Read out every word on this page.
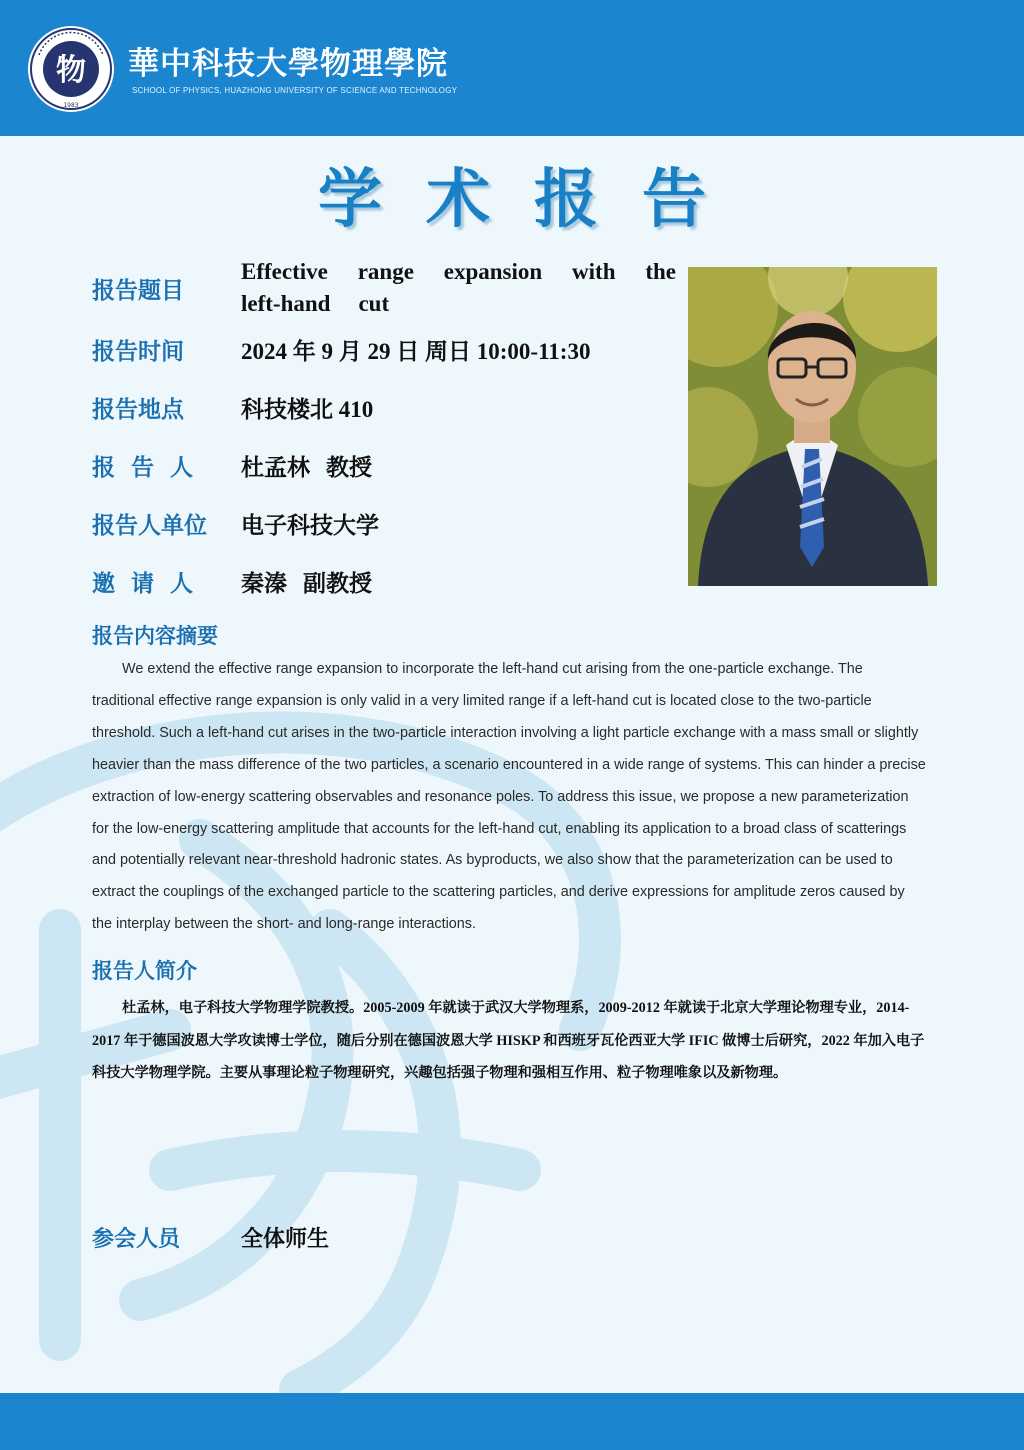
物
1983
華中科技大學物理學院
SCHOOL OF PHYSICS, HUAZHONG UNIVERSITY OF SCIENCE AND TECHNOLOGY
学术报告
报告题目
Effective range expansion with the
left-hand cut
报告时间	2024 年 9 月 29 日 周日 10:00-11:30
报告地点	科技楼北 410
报  告  人	杜孟林  教授
报告人单位	电子科技大学
邀  请  人	秦溱  副教授
报告内容摘要
We extend the effective range expansion to incorporate the left-hand cut arising from the one-particle exchange. The traditional effective range expansion is only valid in a very limited range if a left-hand cut is located close to the two-particle threshold. Such a left-hand cut arises in the two-particle interaction involving a light particle exchange with a mass small or slightly heavier than the mass difference of the two particles, a scenario encountered in a wide range of systems. This can hinder a precise extraction of low-energy scattering observables and resonance poles. To address this issue, we propose a new parameterization for the low-energy scattering amplitude that accounts for the left-hand cut, enabling its application to a broad class of scatterings and potentially relevant near-threshold hadronic states. As byproducts, we also show that the parameterization can be used to extract the couplings of the exchanged particle to the scattering particles, and derive expressions for amplitude zeros caused by the interplay between the short- and long-range interactions.
报告人简介
杜孟林，电子科技大学物理学院教授。2005-2009 年就读于武汉大学物理系，2009-2012 年就读于北京大学理论物理专业，2014-2017 年于德国波恩大学攻读博士学位，随后分别在德国波恩大学 HISKP 和西班牙瓦伦西亚大学 IFIC 做博士后研究，2022 年加入电子科技大学物理学院。主要从事理论粒子物理研究，兴趣包括强子物理和强相互作用、粒子物理唯象以及新物理。
参会人员	全体师生
